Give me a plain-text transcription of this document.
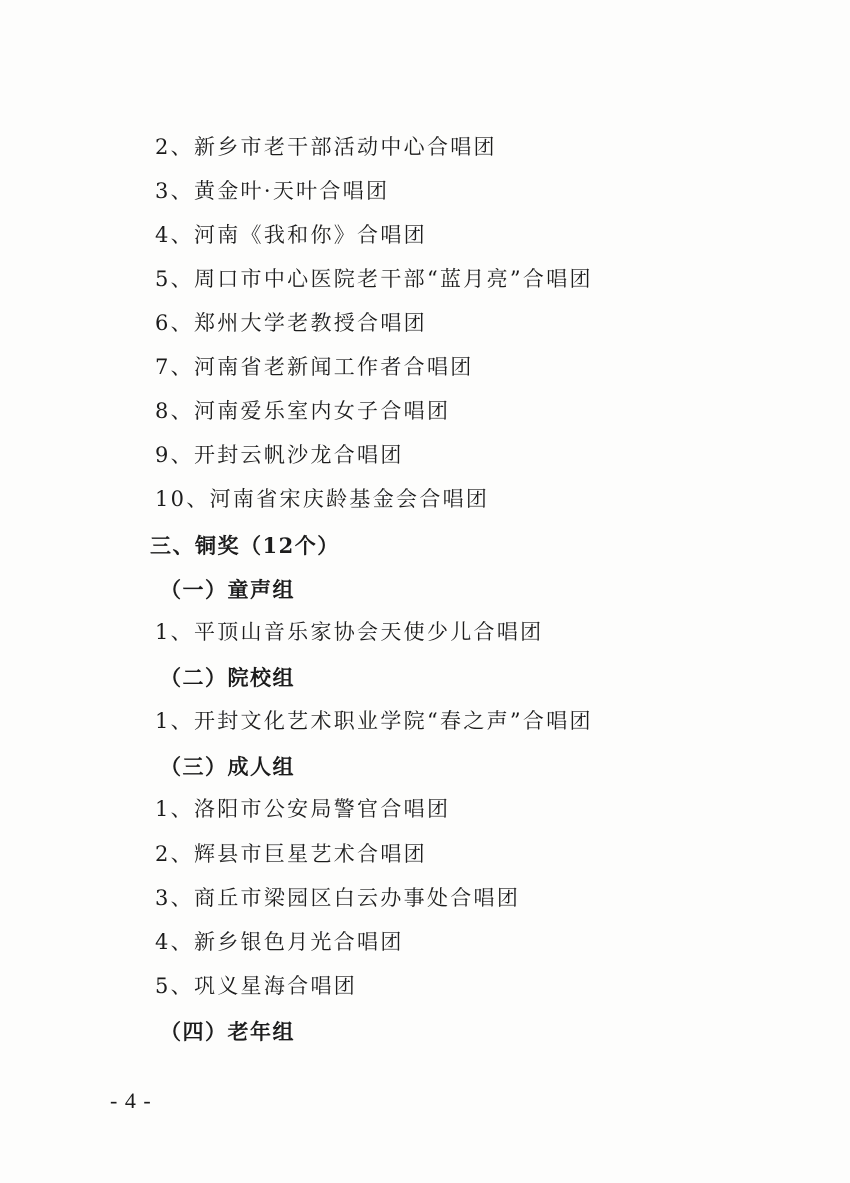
2、新乡市老干部活动中心合唱团
3、黄金叶·天叶合唱团
4、河南《我和你》合唱团
5、周口市中心医院老干部“蓝月亮”合唱团
6、郑州大学老教授合唱团
7、河南省老新闻工作者合唱团
8、河南爱乐室内女子合唱团
9、开封云帆沙龙合唱团
10、河南省宋庆龄基金会合唱团
三、铜奖（12个）
（一）童声组
1、平顶山音乐家协会天使少儿合唱团
（二）院校组
1、开封文化艺术职业学院“春之声”合唱团
（三）成人组
1、洛阳市公安局警官合唱团
2、辉县市巨星艺术合唱团
3、商丘市梁园区白云办事处合唱团
4、新乡银色月光合唱团
5、巩义星海合唱团
（四）老年组
- 4 -
